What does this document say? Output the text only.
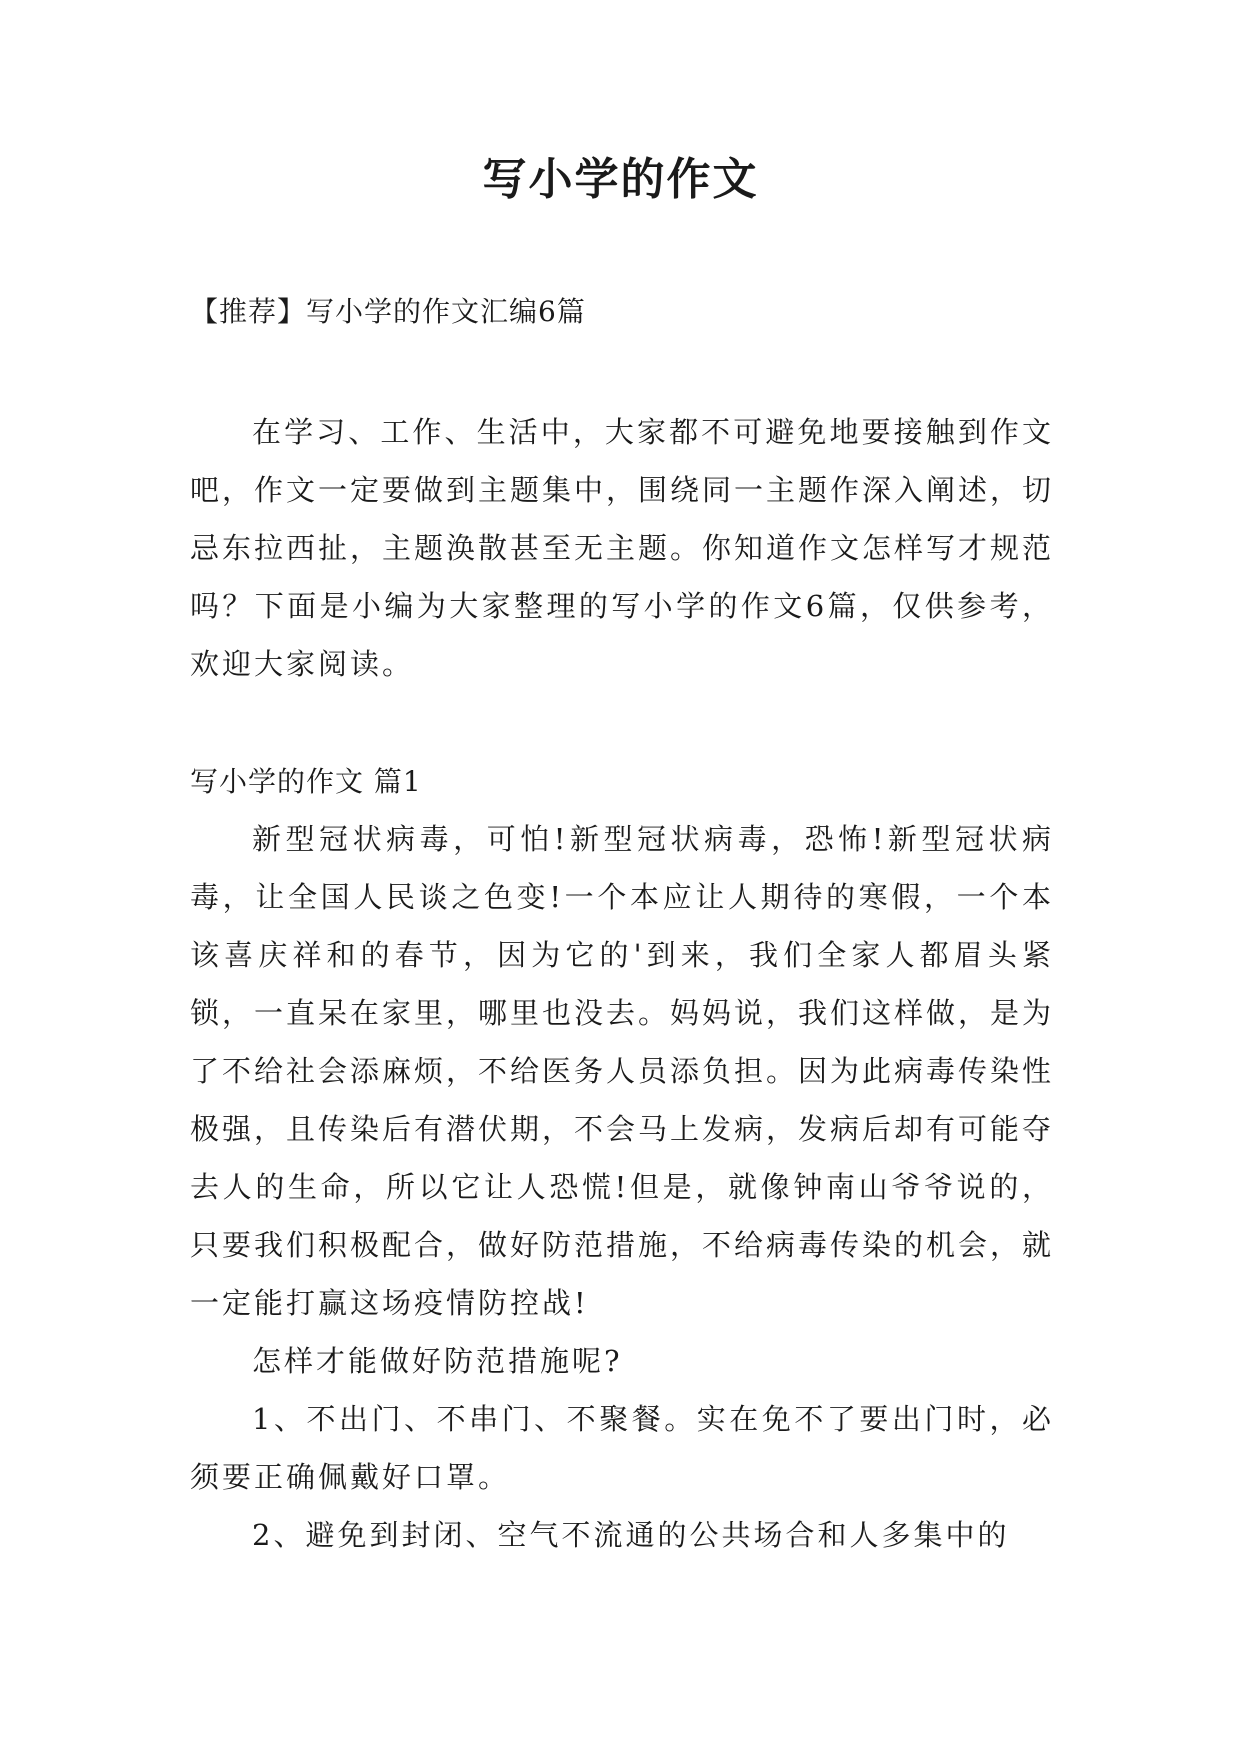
写小学的作文
【推荐】写小学的作文汇编6篇

在学习、工作、生活中，大家都不可避免地要接触到作文吧，作文一定要做到主题集中，围绕同一主题作深入阐述，切忌东拉西扯，主题涣散甚至无主题。你知道作文怎样写才规范吗？下面是小编为大家整理的写小学的作文6篇，仅供参考，欢迎大家阅读。

写小学的作文 篇1

新型冠状病毒，可怕!新型冠状病毒，恐怖!新型冠状病毒，让全国人民谈之色变!一个本应让人期待的寒假，一个本该喜庆祥和的春节，因为它的'到来，我们全家人都眉头紧锁，一直呆在家里，哪里也没去。妈妈说，我们这样做，是为了不给社会添麻烦，不给医务人员添负担。因为此病毒传染性极强，且传染后有潜伏期，不会马上发病，发病后却有可能夺去人的生命，所以它让人恐慌!但是，就像钟南山爷爷说的，只要我们积极配合，做好防范措施，不给病毒传染的机会，就一定能打赢这场疫情防控战!

怎样才能做好防范措施呢?

1、不出门、不串门、不聚餐。实在免不了要出门时，必须要正确佩戴好口罩。

2、避免到封闭、空气不流通的公共场合和人多集中的
